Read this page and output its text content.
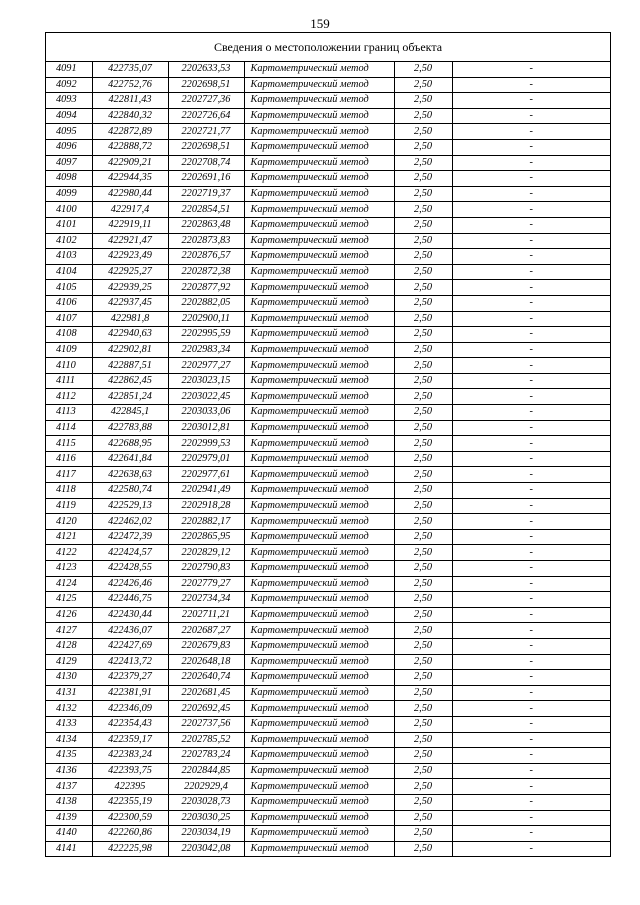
159
Сведения о местоположении границ объекта
4091	422735,07	2202633,53	Картометрический метод	2,50	-
4092	422752,76	2202698,51	Картометрический метод	2,50	-
4093	422811,43	2202727,36	Картометрический метод	2,50	-
4094	422840,32	2202726,64	Картометрический метод	2,50	-
4095	422872,89	2202721,77	Картометрический метод	2,50	-
4096	422888,72	2202698,51	Картометрический метод	2,50	-
4097	422909,21	2202708,74	Картометрический метод	2,50	-
4098	422944,35	2202691,16	Картометрический метод	2,50	-
4099	422980,44	2202719,37	Картометрический метод	2,50	-
4100	422917,4	2202854,51	Картометрический метод	2,50	-
4101	422919,11	2202863,48	Картометрический метод	2,50	-
4102	422921,47	2202873,83	Картометрический метод	2,50	-
4103	422923,49	2202876,57	Картометрический метод	2,50	-
4104	422925,27	2202872,38	Картометрический метод	2,50	-
4105	422939,25	2202877,92	Картометрический метод	2,50	-
4106	422937,45	2202882,05	Картометрический метод	2,50	-
4107	422981,8	2202900,11	Картометрический метод	2,50	-
4108	422940,63	2202995,59	Картометрический метод	2,50	-
4109	422902,81	2202983,34	Картометрический метод	2,50	-
4110	422887,51	2202977,27	Картометрический метод	2,50	-
4111	422862,45	2203023,15	Картометрический метод	2,50	-
4112	422851,24	2203022,45	Картометрический метод	2,50	-
4113	422845,1	2203033,06	Картометрический метод	2,50	-
4114	422783,88	2203012,81	Картометрический метод	2,50	-
4115	422688,95	2202999,53	Картометрический метод	2,50	-
4116	422641,84	2202979,01	Картометрический метод	2,50	-
4117	422638,63	2202977,61	Картометрический метод	2,50	-
4118	422580,74	2202941,49	Картометрический метод	2,50	-
4119	422529,13	2202918,28	Картометрический метод	2,50	-
4120	422462,02	2202882,17	Картометрический метод	2,50	-
4121	422472,39	2202865,95	Картометрический метод	2,50	-
4122	422424,57	2202829,12	Картометрический метод	2,50	-
4123	422428,55	2202790,83	Картометрический метод	2,50	-
4124	422426,46	2202779,27	Картометрический метод	2,50	-
4125	422446,75	2202734,34	Картометрический метод	2,50	-
4126	422430,44	2202711,21	Картометрический метод	2,50	-
4127	422436,07	2202687,27	Картометрический метод	2,50	-
4128	422427,69	2202679,83	Картометрический метод	2,50	-
4129	422413,72	2202648,18	Картометрический метод	2,50	-
4130	422379,27	2202640,74	Картометрический метод	2,50	-
4131	422381,91	2202681,45	Картометрический метод	2,50	-
4132	422346,09	2202692,45	Картометрический метод	2,50	-
4133	422354,43	2202737,56	Картометрический метод	2,50	-
4134	422359,17	2202785,52	Картометрический метод	2,50	-
4135	422383,24	2202783,24	Картометрический метод	2,50	-
4136	422393,75	2202844,85	Картометрический метод	2,50	-
4137	422395	2202929,4	Картометрический метод	2,50	-
4138	422355,19	2203028,73	Картометрический метод	2,50	-
4139	422300,59	2203030,25	Картометрический метод	2,50	-
4140	422260,86	2203034,19	Картометрический метод	2,50	-
4141	422225,98	2203042,08	Картометрический метод	2,50	-
